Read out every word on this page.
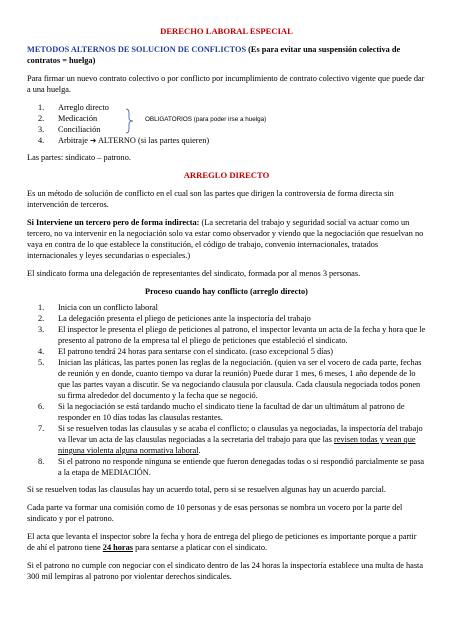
DERECHO LABORAL ESPECIAL
METODOS ALTERNOS DE SOLUCION DE CONFLICTOS (Es para evitar una suspensión colectiva de contratos = huelga)

Para firmar un nuevo contrato colectivo o por conflicto por incumplimiento de contrato colectivo vigente que puede dar a una huelga.

1. Arreglo directo
2. Medicación
3. Conciliación
4. Arbitraje ➔ ALTERNO (si las partes quieren)
OBLIGATORIOS (para poder irse a huelga)

Las partes: sindicato – patrono.

ARREGLO DIRECTO

Es un método de solución de conflicto en el cual son las partes que dirigen la controversia de forma directa sin intervención de terceros.

Si Interviene un tercero pero de forma indirecta: (La secretaria del trabajo y seguridad social va actuar como un tercero, no va intervenir en la negociación solo va estar como observador y viendo que la negociación que resuelvan no vaya en contra de lo que establece la constitución, el código de trabajo, convenio internacionales, tratados internacionales y leyes secundarias o especiales.)

El sindicato forma una delegación de representantes del sindicato, formada por al menos 3 personas.

Proceso cuando hay conflicto (arreglo directo)
1. Inicia con un conflicto laboral
2. La delegación presenta el pliego de peticiones ante la inspectoría del trabajo
3. El inspector le presenta el pliego de peticiones al patrono, el inspector levanta un acta de la fecha y hora que le presento al patrono de la empresa tal el pliego de peticiones que estableció el sindicato.
4. El patrono tendrá 24 horas para sentarse con el sindicato. (caso excepcional 5 días)
5. Inician las pláticas, las partes ponen las reglas de la negociación. (quien va ser el vocero de cada parte, fechas de reunión y en donde, cuanto tiempo va durar la reunión) Puede durar 1 mes, 6 meses, 1 año depende de lo que las partes vayan a discutir. Se va negociando clausula por clausula. Cada clausula negociada todos ponen su firma alrededor del documento y la fecha que se negoció.
6. Si la negociación se está tardando mucho el sindicato tiene la facultad de dar un ultimátum al patrono de responder en 10 días todas las clausulas restantes.
7. Si se resuelven todas las clausulas y se acaba el conflicto; o clausulas ya negociadas, la inspectoría del trabajo va llevar un acta de las clausulas negociadas a la secretaria del trabajo para que las revisen todas y vean que ninguna violenta alguna normativa laboral.
8. Si el patrono no responde ninguna se entiende que fueron denegadas todas o si respondió parcialmente se pasa a la etapa de MEDIACIÓN.

Si se resuelven todas las clausulas hay un acuerdo total, pero si se resuelven algunas hay un acuerdo parcial.

Cada parte va formar una comisión como de 10 personas y de esas personas se nombra un vocero por la parte del sindicato y por el patrono.

El acta que levanta el inspector sobre la fecha y hora de entrega del pliego de peticiones es importante porque a partir de ahí el patrono tiene 24 horas para sentarse a platicar con el sindicato.

Si el patrono no cumple con negociar con el sindicato dentro de las 24 horas la inspectoría establece una multa de hasta 300 mil lempiras al patrono por violentar derechos sindicales.
